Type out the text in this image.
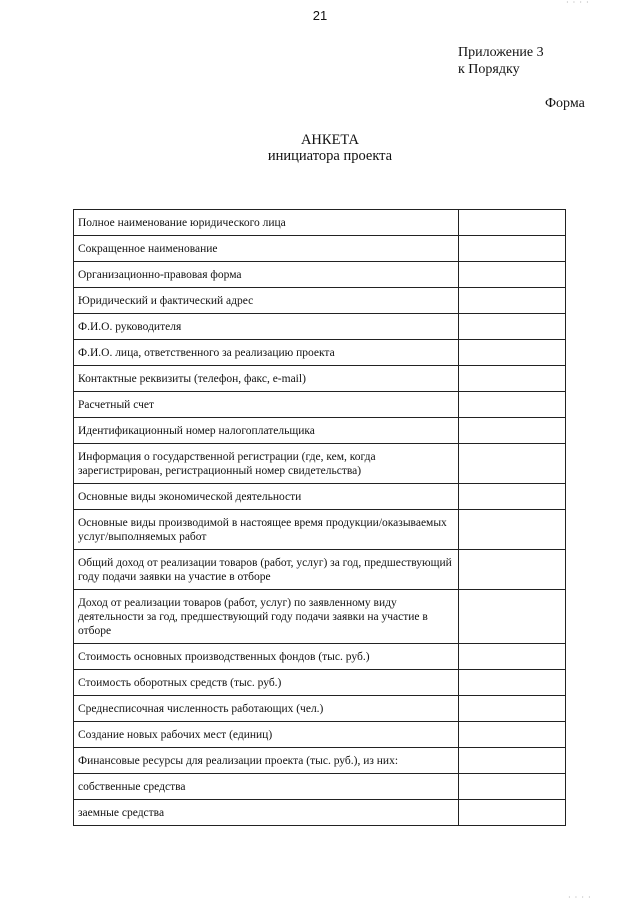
21
Приложение 3
к Порядку
Форма
АНКЕТА
инициатора проекта
Полное наименование юридического лица	
Сокращенное наименование	
Организационно-правовая форма	
Юридический и фактический адрес	
Ф.И.О. руководителя	
Ф.И.О. лица, ответственного за реализацию проекта	
Контактные реквизиты (телефон, факс, e-mail)	
Расчетный счет	
Идентификационный номер налогоплательщика	
Информация о государственной регистрации (где, кем, когда зарегистрирован, регистрационный номер свидетельства)	
Основные виды экономической деятельности	
Основные виды производимой в настоящее время продукции/оказываемых услуг/выполняемых работ	
Общий доход от реализации товаров (работ, услуг) за год, предшествующий году подачи заявки на участие в отборе	
Доход от реализации товаров (работ, услуг) по заявленному виду деятельности за год, предшествующий году подачи заявки на участие в отборе	
Стоимость основных производственных фондов (тыс. руб.)	
Стоимость оборотных средств (тыс. руб.)	
Среднесписочная численность работающих (чел.)	
Создание новых рабочих мест (единиц)	
Финансовые ресурсы для реализации проекта (тыс. руб.), из них:	
собственные средства	
заемные средства	
· · · ·
· · · ·
